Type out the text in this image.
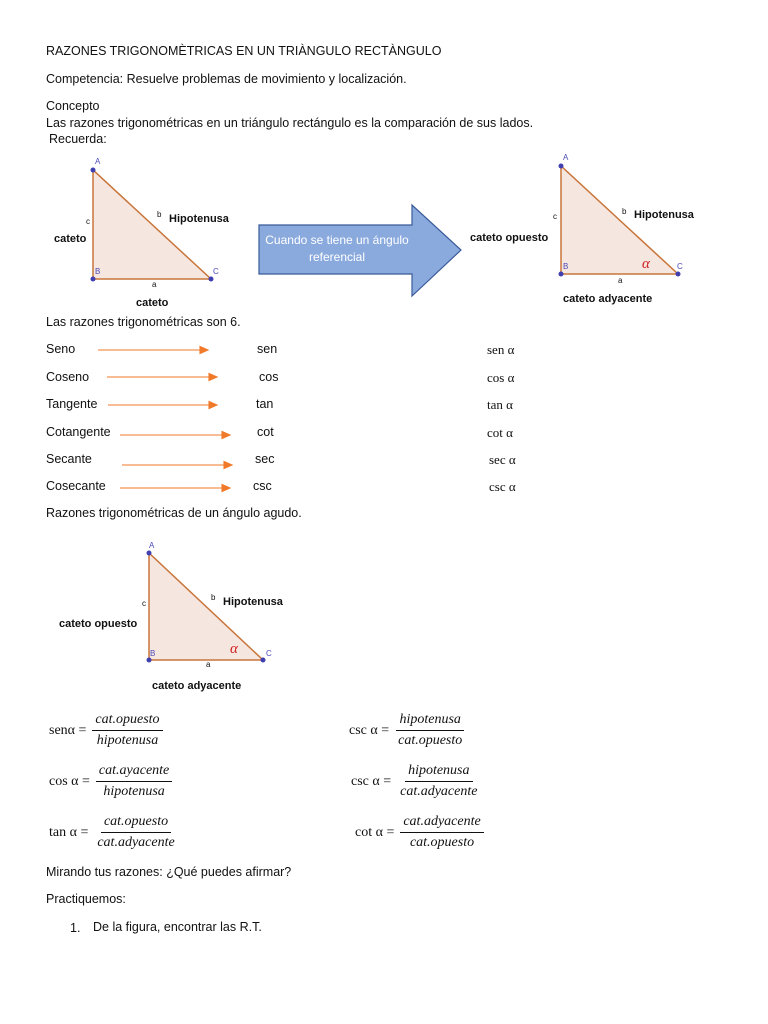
RAZONES TRIGONOMÈTRICAS EN UN TRIÀNGULO RECTÀNGULO
Competencia: Resuelve problemas de movimiento y localización.
Concepto
Las razones trigonométricas en un triángulo rectángulo es la comparación de sus lados.
Recuerda:
A
B	C
c
b
a
Hipotenusa
cateto
cateto
Cuando se tiene un ángulo referencial
A
B	C
c
b
a
Hipotenusa
cateto opuesto
cateto adyacente
α
Las razones trigonométricas son 6.
Seno	sen	sen α
Coseno	cos	cos α
Tangente	tan	tan α
Cotangente	cot	cot α
Secante	sec	sec α
Cosecante	csc	csc α
Razones trigonométricas de un ángulo agudo.
A
B	C
c
b
a
Hipotenusa
cateto opuesto
cateto adyacente
α
$sen\alpha = \frac{\text{cat.opuesto}}{\text{hipotenusa}}$	$\csc \alpha = \frac{\text{hipotenusa}}{\text{cat.opuesto}}$
$\cos \alpha = \frac{\text{cat.ayacente}}{\text{hipotenusa}}$	$\csc \alpha = \frac{\text{hipotenusa}}{\text{cat.adyacente}}$
$\tan \alpha = \frac{\text{cat.opuesto}}{\text{cat.adyacente}}$	$\cot \alpha = \frac{\text{cat.adyacente}}{\text{cat.opuesto}}$
Mirando tus razones: ¿Qué puedes afirmar?
Practiquemos:
1. De la figura, encontrar las R.T.
